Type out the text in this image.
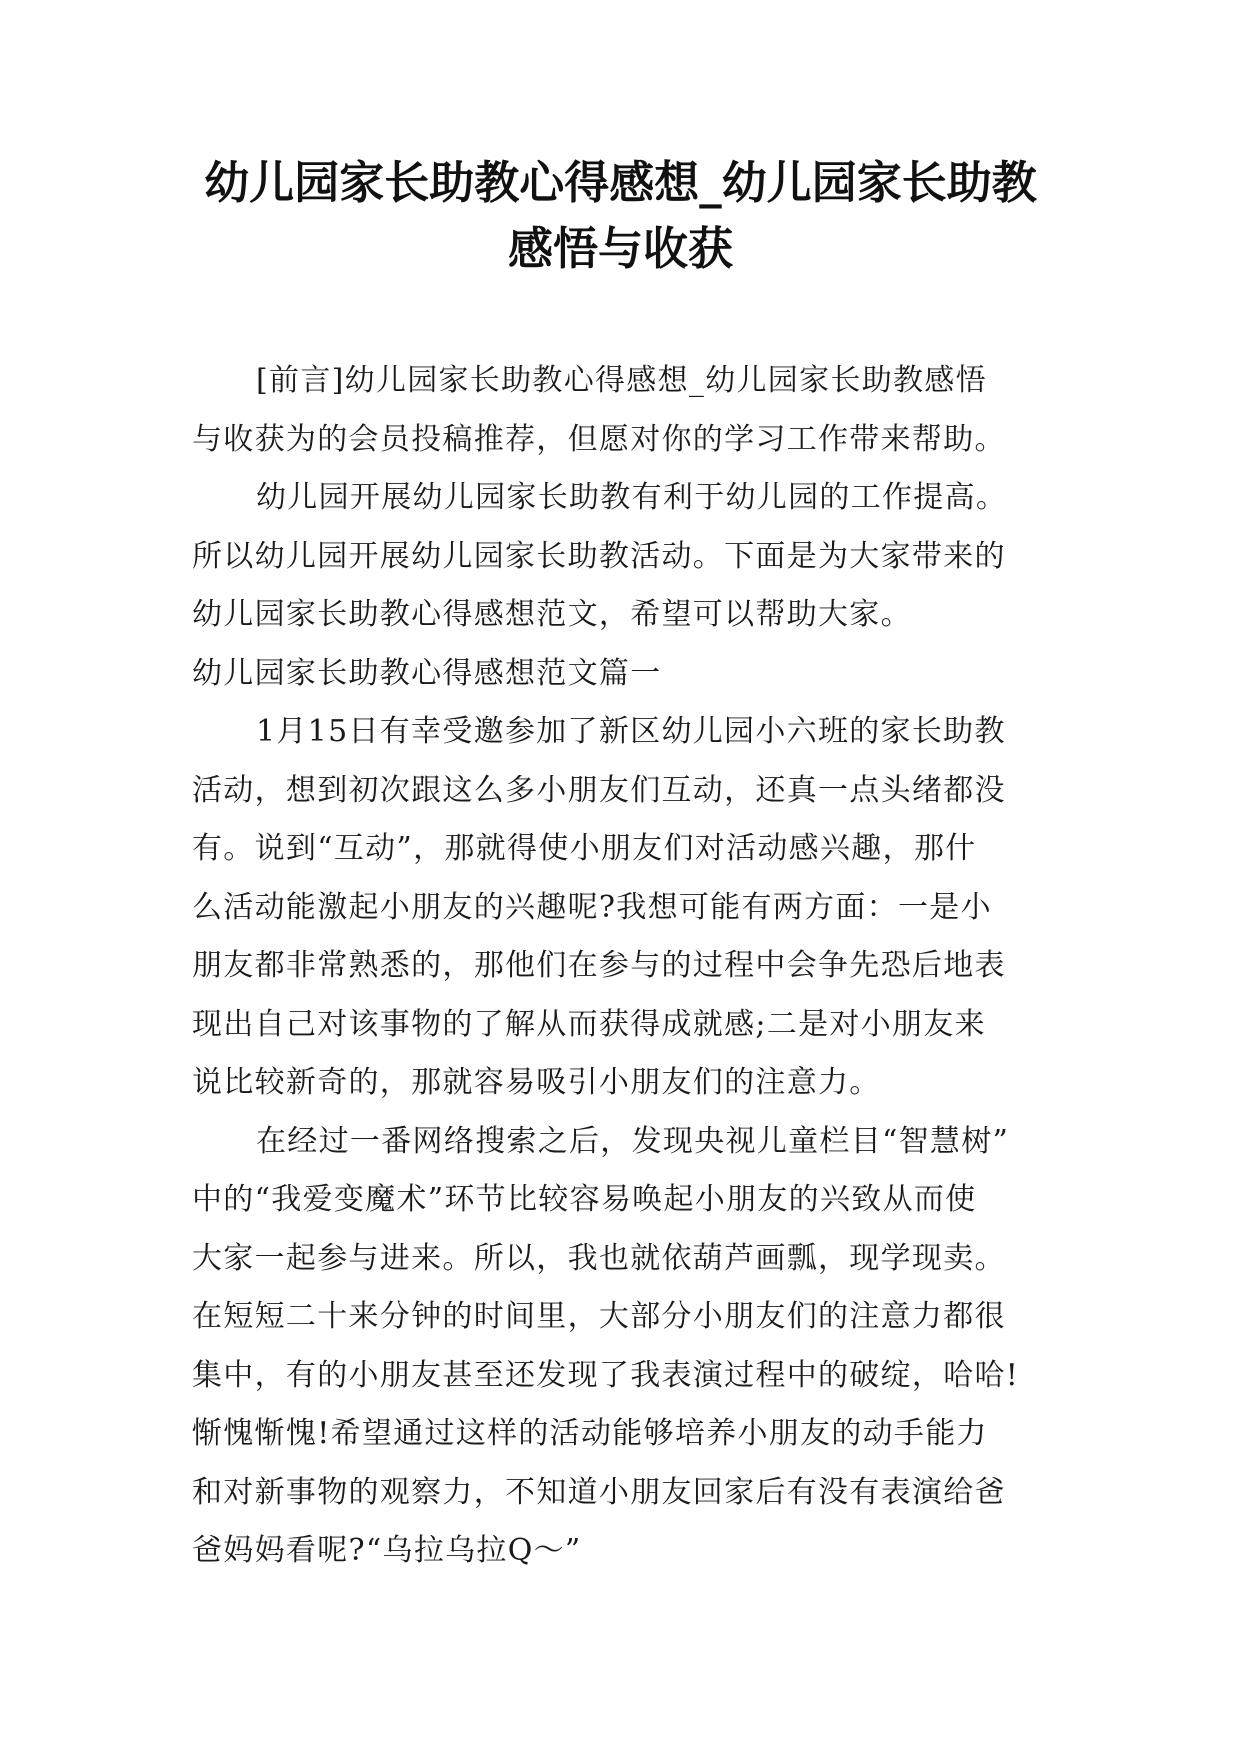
幼儿园家长助教心得感想_幼儿园家长助教
感悟与收获
[前言]幼儿园家长助教心得感想_幼儿园家长助教感悟
与收获为的会员投稿推荐，但愿对你的学习工作带来帮助。
幼儿园开展幼儿园家长助教有利于幼儿园的工作提高。
所以幼儿园开展幼儿园家长助教活动。下面是为大家带来的
幼儿园家长助教心得感想范文，希望可以帮助大家。
幼儿园家长助教心得感想范文篇一
1月15日有幸受邀参加了新区幼儿园小六班的家长助教
活动，想到初次跟这么多小朋友们互动，还真一点头绪都没
有。说到“互动”，那就得使小朋友们对活动感兴趣，那什
么活动能激起小朋友的兴趣呢?我想可能有两方面：一是小
朋友都非常熟悉的，那他们在参与的过程中会争先恐后地表
现出自己对该事物的了解从而获得成就感;二是对小朋友来
说比较新奇的，那就容易吸引小朋友们的注意力。
在经过一番网络搜索之后，发现央视儿童栏目“智慧树”
中的“我爱变魔术”环节比较容易唤起小朋友的兴致从而使
大家一起参与进来。所以，我也就依葫芦画瓢，现学现卖。
在短短二十来分钟的时间里，大部分小朋友们的注意力都很
集中，有的小朋友甚至还发现了我表演过程中的破绽，哈哈!
惭愧惭愧!希望通过这样的活动能够培养小朋友的动手能力
和对新事物的观察力，不知道小朋友回家后有没有表演给爸
爸妈妈看呢?“乌拉乌拉Q～”
